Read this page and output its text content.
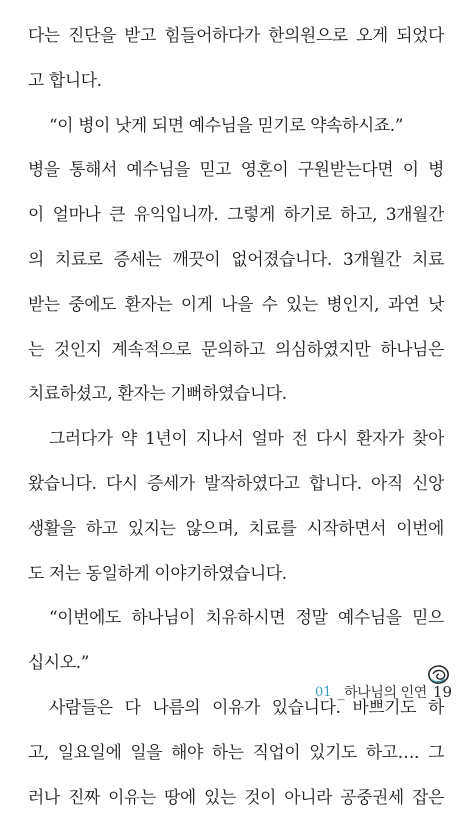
다는 진단을 받고 힘들어하다가 한의원으로 오게 되었다
고 합니다.
“이 병이 낫게 되면 예수님을 믿기로 약속하시죠.”
병을 통해서 예수님을 믿고 영혼이 구원받는다면 이 병
이 얼마나 큰 유익입니까. 그렇게 하기로 하고, 3개월간
의 치료로 증세는 깨끗이 없어졌습니다. 3개월간 치료
받는 중에도 환자는 이게 나을 수 있는 병인지, 과연 낫
는 것인지 계속적으로 문의하고 의심하였지만 하나님은
치료하셨고, 환자는 기뻐하였습니다.
그러다가 약 1년이 지나서 얼마 전 다시 환자가 찾아
왔습니다. 다시 증세가 발작하였다고 합니다. 아직 신앙
생활을 하고 있지는 않으며, 치료를 시작하면서 이번에
도 저는 동일하게 이야기하였습니다.
“이번에도 하나님이 치유하시면 정말 예수님을 믿으
십시오.”
사람들은 다 나름의 이유가 있습니다. 바쁘기도 하
고, 일요일에 일을 해야 하는 직업이 있기도 하고…. 그
러나 진짜 이유는 땅에 있는 것이 아니라 공중권세 잡은
01 _하나님의 인연 19
